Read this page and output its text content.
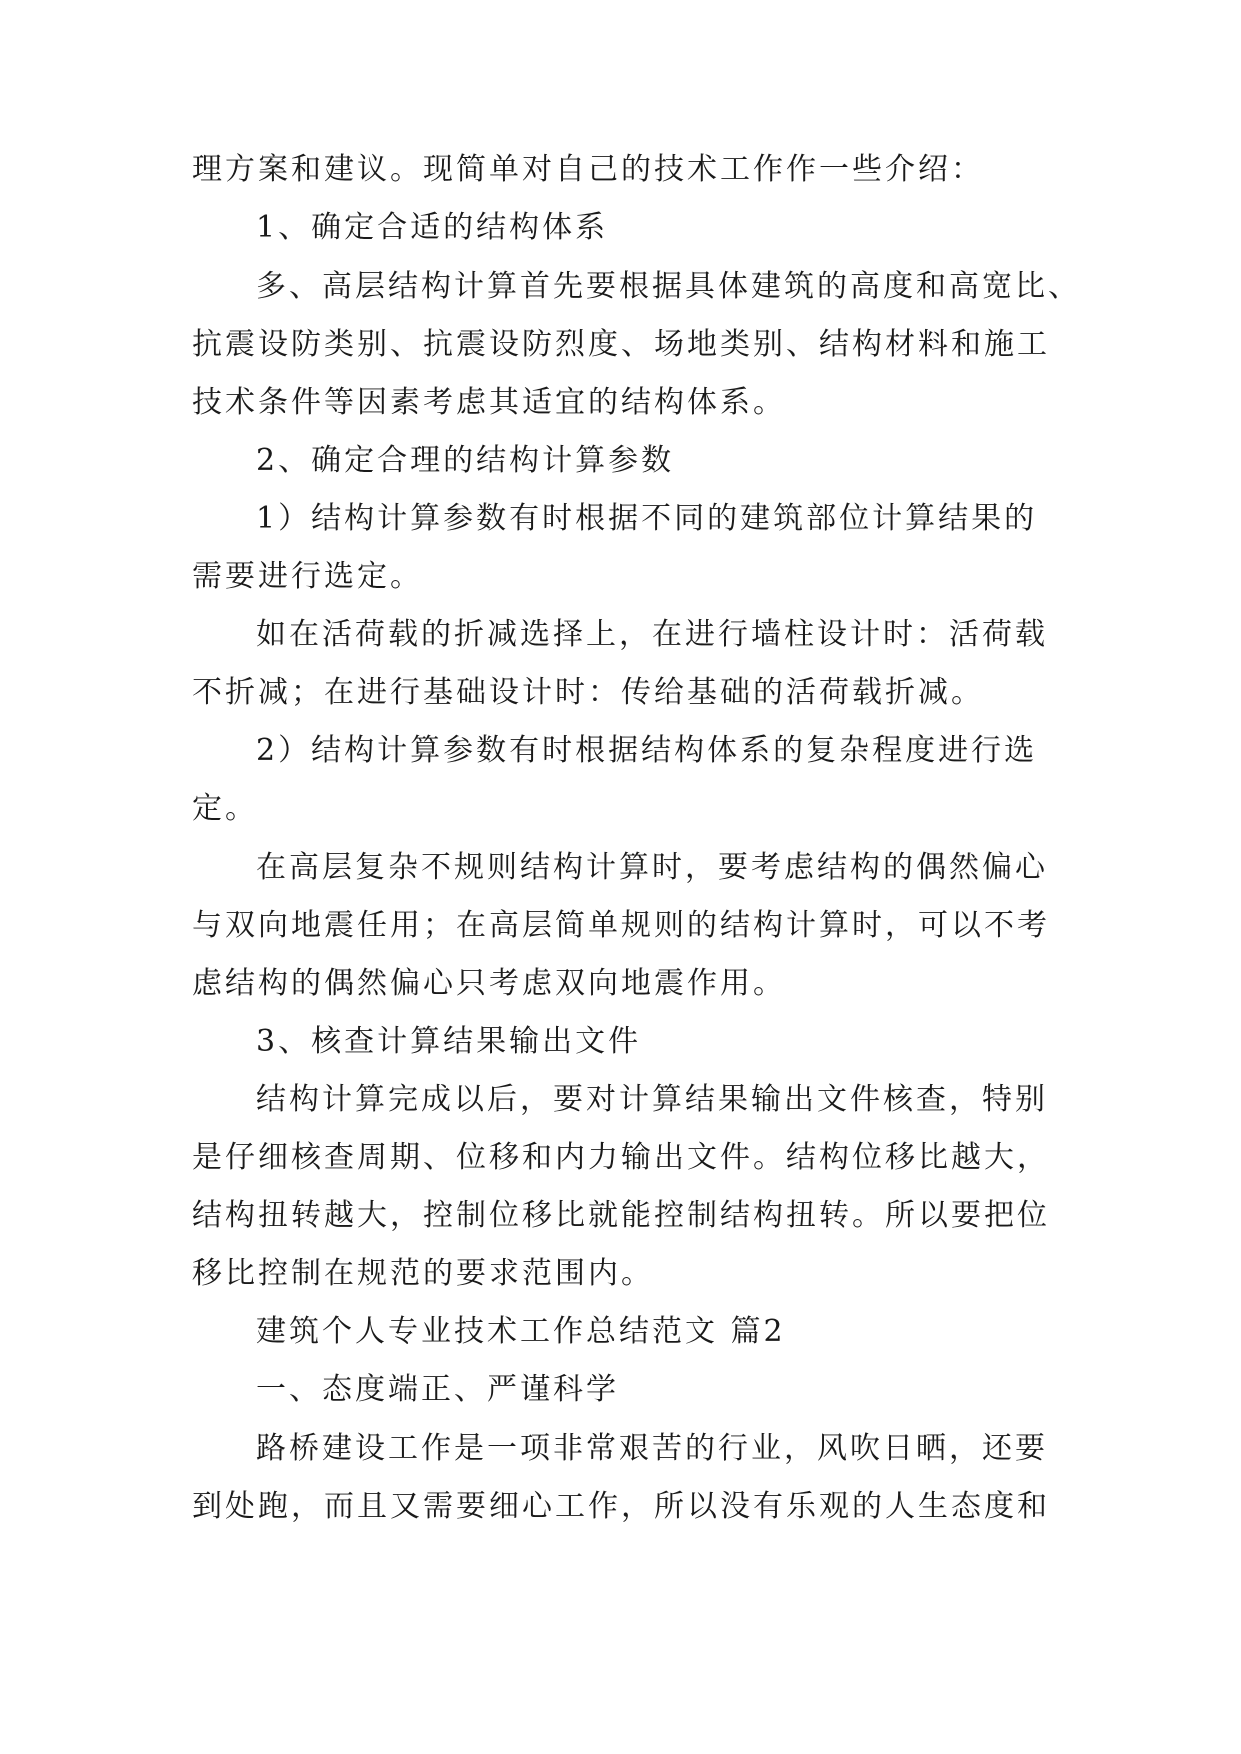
理方案和建议。现简单对自己的技术工作作一些介绍：
1、确定合适的结构体系
多、高层结构计算首先要根据具体建筑的高度和高宽比、
抗震设防类别、抗震设防烈度、场地类别、结构材料和施工
技术条件等因素考虑其适宜的结构体系。
2、确定合理的结构计算参数
1）结构计算参数有时根据不同的建筑部位计算结果的
需要进行选定。
如在活荷载的折减选择上，在进行墙柱设计时：活荷载
不折减；在进行基础设计时：传给基础的活荷载折减。
2）结构计算参数有时根据结构体系的复杂程度进行选
定。
在高层复杂不规则结构计算时，要考虑结构的偶然偏心
与双向地震任用；在高层简单规则的结构计算时，可以不考
虑结构的偶然偏心只考虑双向地震作用。
3、核查计算结果输出文件
结构计算完成以后，要对计算结果输出文件核查，特别
是仔细核查周期、位移和内力输出文件。结构位移比越大，
结构扭转越大，控制位移比就能控制结构扭转。所以要把位
移比控制在规范的要求范围内。
建筑个人专业技术工作总结范文 篇2
一、态度端正、严谨科学
路桥建设工作是一项非常艰苦的行业，风吹日晒，还要
到处跑，而且又需要细心工作，所以没有乐观的人生态度和
